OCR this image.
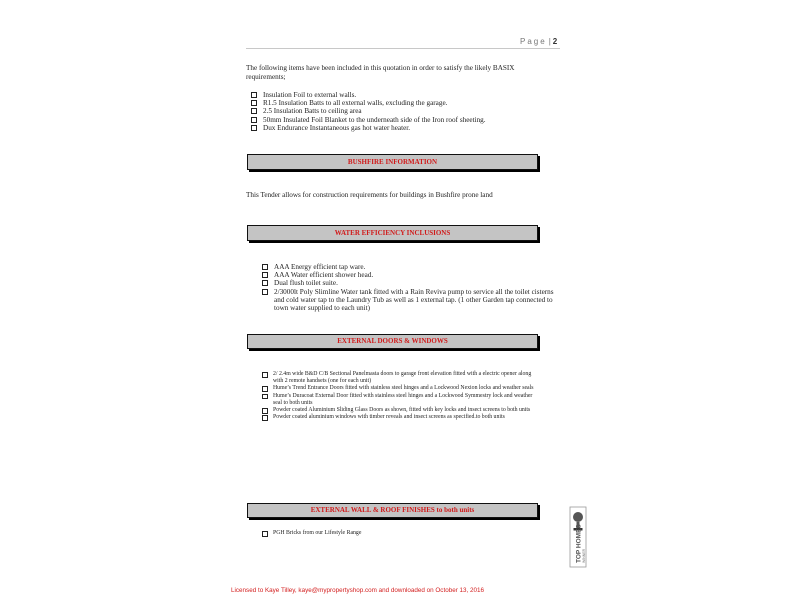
Page | 2
The following items have been included in this quotation in order to satisfy the likely BASIX requirements;
Insulation Foil to external walls.
R1.5 Insulation Batts to all external walls, excluding the garage.
2.5 Insulation Batts to ceiling area
50mm Insulated Foil Blanket to the underneath side of the Iron roof sheeting.
Dux Endurance Instantaneous gas hot water heater.
BUSHFIRE INFORMATION
This Tender allows for construction requirements for buildings in Bushfire prone land
WATER EFFICIENCY INCLUSIONS
AAA Energy efficient tap ware.
AAA Water efficient shower head.
Dual flush toilet suite.
2/3000lt Poly Slimline Water tank fitted with a Rain Reviva pump to service all the toilet cisterns and cold water tap to the Laundry Tub as well as 1 external tap. (1 other Garden tap connected to town water supplied to each unit)
EXTERNAL DOORS & WINDOWS
2/ 2.4m wide B&D C/B Sectional Panelmasta doors to garage front elevation fitted with a electric opener along with 2 remote handsets (one for each unit)
Hume’s Trend Entrance Doors fitted with stainless steel hinges and a Lockwood Nexion locks and weather seals
Hume’s Duracoat External Door fitted with stainless steel hinges and a Lockwood Symmestry lock and weather seal to both units
Powder coated Aluminium Sliding Glass Doors as shown, fitted with key locks and insect screens to both units
Powder coated aluminium windows with timber reveals and insect screens as specified.to both units
EXTERNAL WALL & ROOF FINISHES to both units
PGH Bricks from our Lifestyle Range	TOP HOMES WINNER
Licensed to Kaye Tilley, kaye@mypropertyshop.com and downloaded on October 13, 2016
